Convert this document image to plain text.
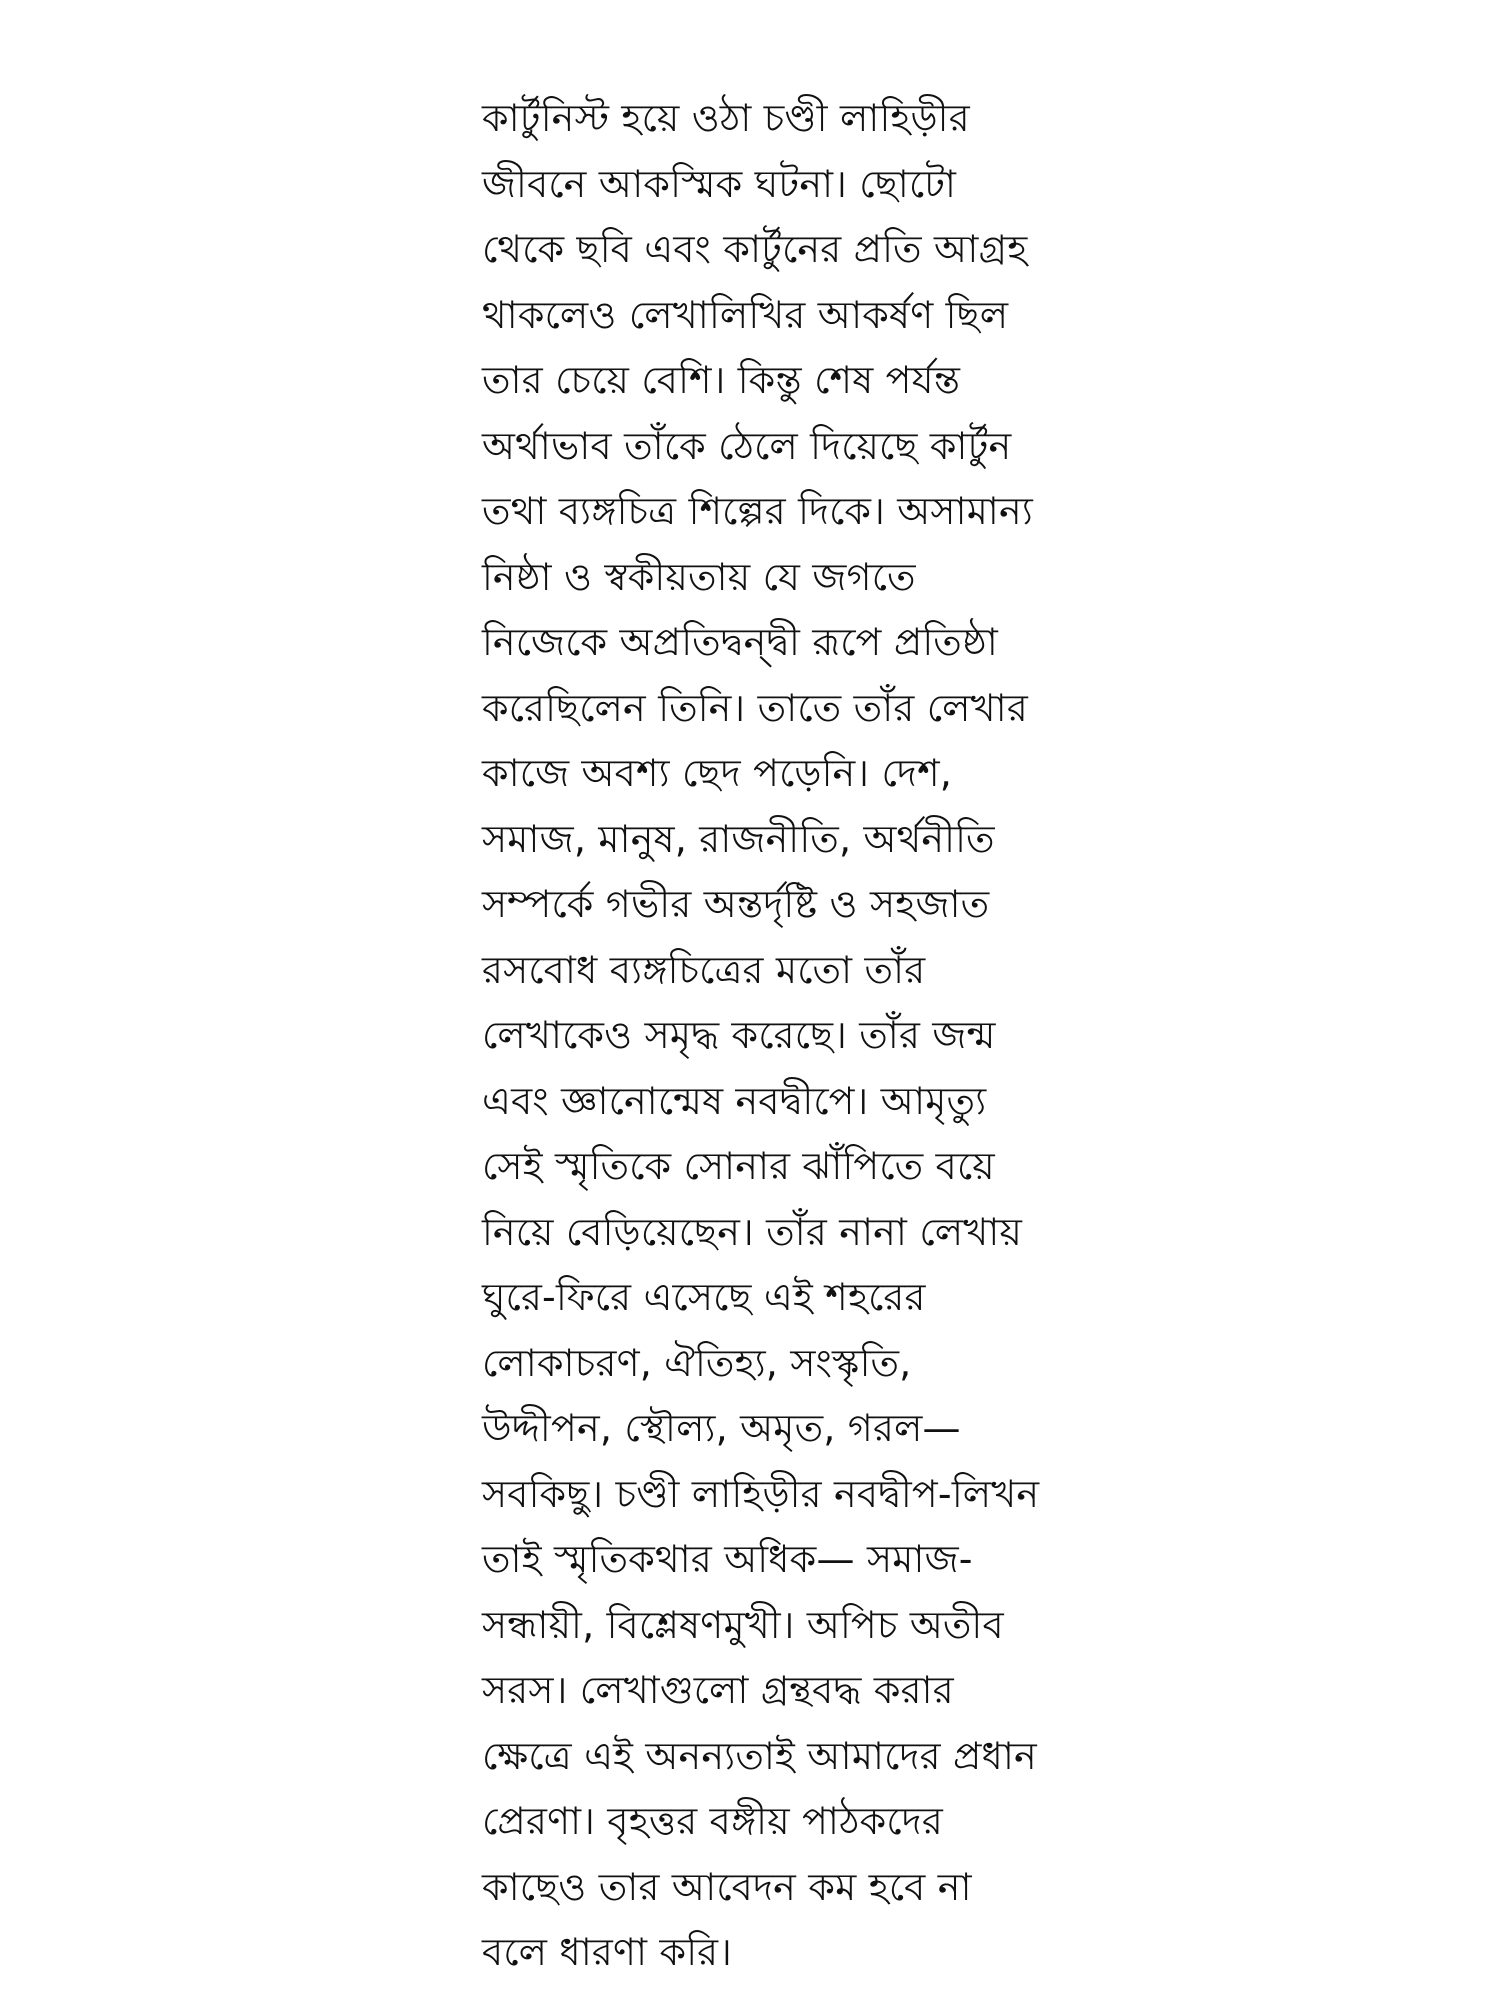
কার্টুনিস্ট হয়ে ওঠা চণ্ডী লাহিড়ীর
জীবনে আকস্মিক ঘটনা। ছোটো
থেকে ছবি এবং কার্টুনের প্রতি আগ্রহ
থাকলেও লেখালিখির আকর্ষণ ছিল
তার চেয়ে বেশি। কিন্তু শেষ পর্যন্ত
অর্থাভাব তাঁকে ঠেলে দিয়েছে কার্টুন
তথা ব্যঙ্গচিত্র শিল্পের দিকে। অসামান্য
নিষ্ঠা ও স্বকীয়তায় যে জগতে
নিজেকে অপ্রতিদ্বন্দ্বী রূপে প্রতিষ্ঠা
করেছিলেন তিনি। তাতে তাঁর লেখার
কাজে অবশ্য ছেদ পড়েনি। দেশ,
সমাজ, মানুষ, রাজনীতি, অর্থনীতি
সম্পর্কে গভীর অন্তর্দৃষ্টি ও সহজাত
রসবোধ ব্যঙ্গচিত্রের মতো তাঁর
লেখাকেও সমৃদ্ধ করেছে। তাঁর জন্ম
এবং জ্ঞানোন্মেষ নবদ্বীপে। আমৃত্যু
সেই স্মৃতিকে সোনার ঝাঁপিতে বয়ে
নিয়ে বেড়িয়েছেন। তাঁর নানা লেখায়
ঘুরে-ফিরে এসেছে এই শহরের
লোকাচরণ, ঐতিহ্য, সংস্কৃতি,
উদ্দীপন, স্থৌল্য, অমৃত, গরল—
সবকিছু। চণ্ডী লাহিড়ীর নবদ্বীপ-লিখন
তাই স্মৃতিকথার অধিক— সমাজ-
সন্ধায়ী, বিশ্লেষণমুখী। অপিচ অতীব
সরস। লেখাগুলো গ্রন্থবদ্ধ করার
ক্ষেত্রে এই অনন্যতাই আমাদের প্রধান
প্রেরণা। বৃহত্তর বঙ্গীয় পাঠকদের
কাছেও তার আবেদন কম হবে না
বলে ধারণা করি।
